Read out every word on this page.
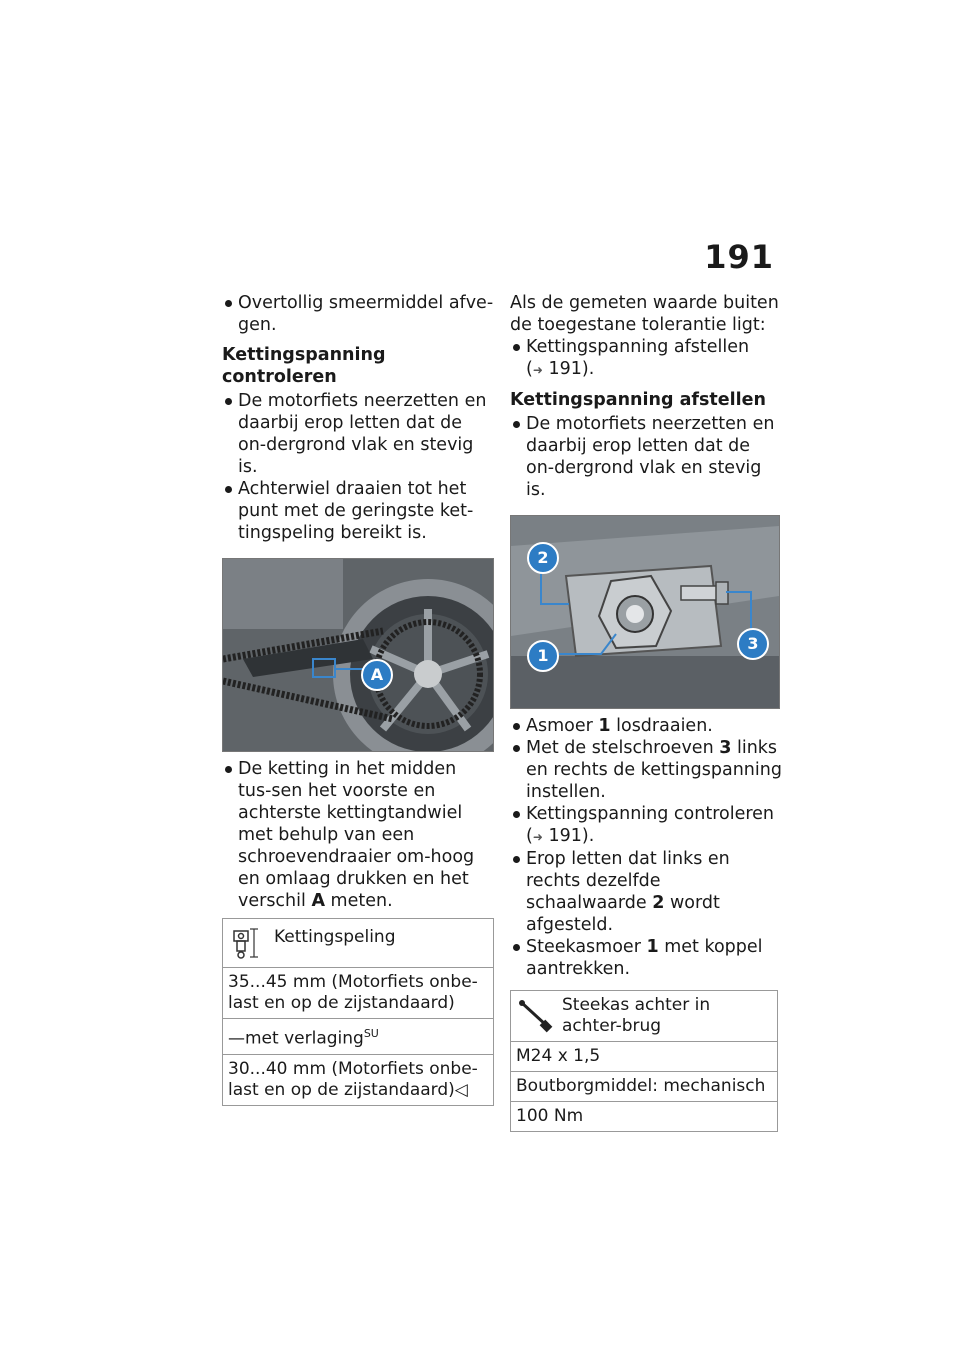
191
Overtollig smeermiddel afve-gen.

Kettingspanning controleren

De motorfiets neerzetten en daarbij erop letten dat de on-dergrond vlak en stevig is.
Achterwiel draaien tot het punt met de geringste ket-tingspeling bereikt is.
A
De ketting in het midden tus-sen het voorste en achterste kettingtandwiel met behulp van een schroevendraaier om-hoog en omlaag drukken en het verschil A meten.
Kettingspeling

35...45 mm (Motorfiets onbe-last en op de zijstandaard)
—met verlaging$^{SU}$
30...40 mm (Motorfiets onbe-last en op de zijstandaard)◁

Als de gemeten waarde buiten de toegestane tolerantie ligt:

Kettingspanning afstellen
(➜ 191).

Kettingspanning afstellen

De motorfiets neerzetten en daarbij erop letten dat de on-dergrond vlak en stevig is.
2
1
3
Asmoer 1 losdraaien.
Met de stelschroeven 3 links en rechts de kettingspanning instellen.
Kettingspanning controleren
(➜ 191).
Erop letten dat links en rechts dezelfde schaalwaarde 2 wordt afgesteld.
Steekasmoer 1 met koppel aantrekken.
Steekas achter in achter-brug

M24 x 1,5
Boutborgmiddel: mechanisch
100 Nm
